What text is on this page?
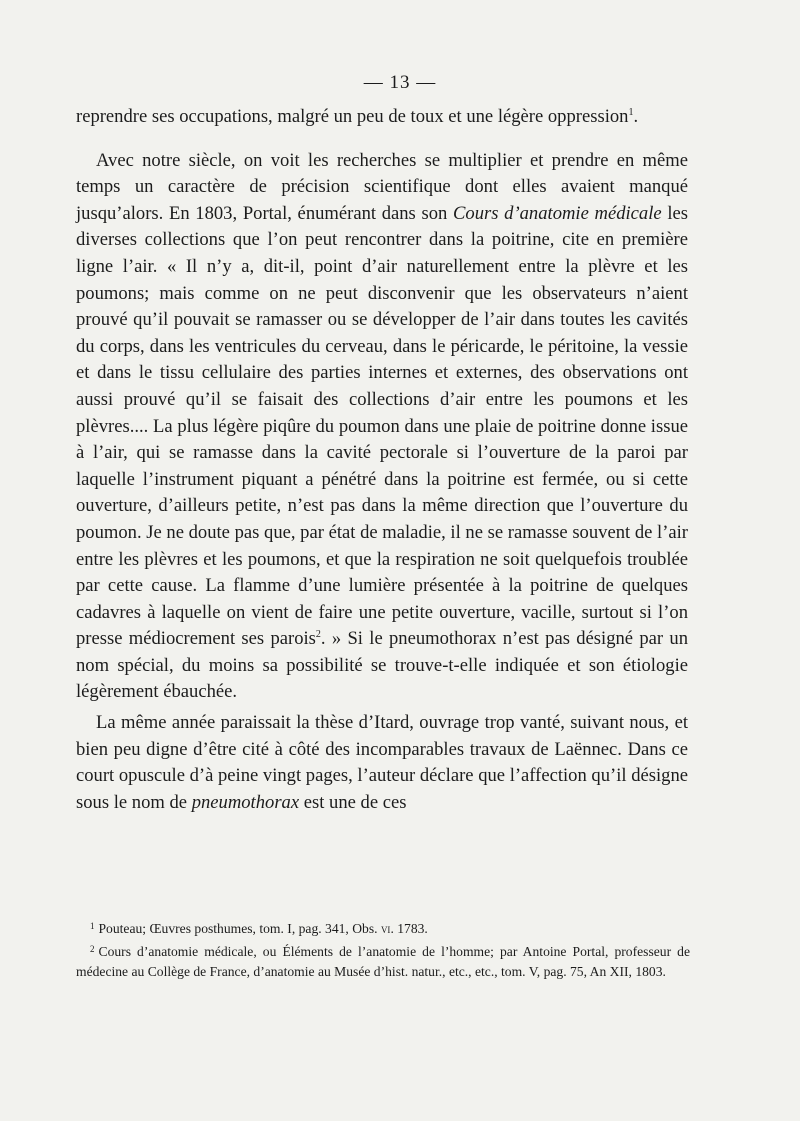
— 13 —

reprendre ses occupations, malgré un peu de toux et une légère oppression$^1$.

Avec notre siècle, on voit les recherches se multiplier et prendre en même temps un caractère de précision scientifique dont elles avaient manqué jusqu’alors. En 1803, Portal, énumérant dans son Cours d’anatomie médicale les diverses collections que l’on peut rencontrer dans la poitrine, cite en première ligne l’air. « Il n’y a, dit-il, point d’air naturellement entre la plèvre et les poumons; mais comme on ne peut disconvenir que les observateurs n’aient prouvé qu’il pouvait se ramasser ou se développer de l’air dans toutes les cavités du corps, dans les ventricules du cerveau, dans le péricarde, le péritoine, la vessie et dans le tissu cellulaire des parties internes et externes, des observations ont aussi prouvé qu’il se faisait des collections d’air entre les poumons et les plèvres.... La plus légère piqûre du poumon dans une plaie de poitrine donne issue à l’air, qui se ramasse dans la cavité pectorale si l’ouverture de la paroi par laquelle l’instrument piquant a pénétré dans la poitrine est fermée, ou si cette ouverture, d’ailleurs petite, n’est pas dans la même direction que l’ouverture du poumon. Je ne doute pas que, par état de maladie, il ne se ramasse souvent de l’air entre les plèvres et les poumons, et que la respiration ne soit quelquefois troublée par cette cause. La flamme d’une lumière présentée à la poitrine de quelques cadavres à laquelle on vient de faire une petite ouverture, vacille, surtout si l’on presse médiocrement ses parois$^2$. » Si le pneumothorax n’est pas désigné par un nom spécial, du moins sa possibilité se trouve-t-elle indiquée et son étiologie légèrement ébauchée.

La même année paraissait la thèse d’Itard, ouvrage trop vanté, suivant nous, et bien peu digne d’être cité à côté des incomparables travaux de Laënnec. Dans ce court opuscule d’à peine vingt pages, l’auteur déclare que l’affection qu’il désigne sous le nom de pneumothorax est une de ces

$^1$ Pouteau; Œuvres posthumes, tom. I, pag. 341, Obs. vi. 1783.

$^2$ Cours d’anatomie médicale, ou Éléments de l’anatomie de l’homme; par Antoine Portal, professeur de médecine au Collège de France, d’anatomie au Musée d’hist. natur., etc., etc., tom. V, pag. 75, An XII, 1803.
